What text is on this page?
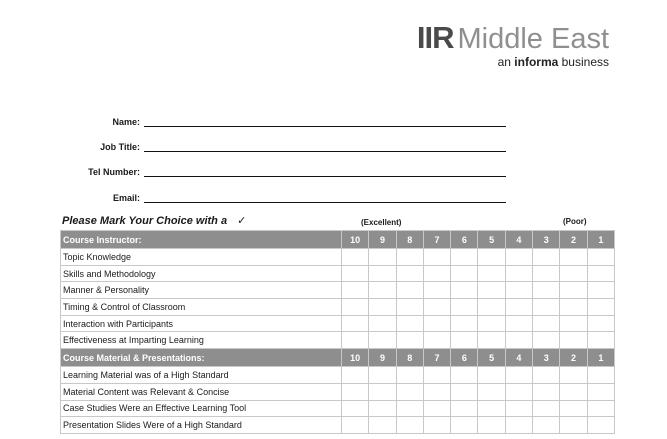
IIR Middle East
an informa business
Name:
Job Title:
Tel Number:
Email:
Please Mark Your Choice with a ✓	(Excellent)	(Poor)
Course Instructor:	10	9	8	7	6	5	4	3	2	1
Topic Knowledge										
Skills and Methodology										
Manner & Personality										
Timing & Control of Classroom										
Interaction with Participants										
Effectiveness at Imparting Learning										
Course Material & Presentations:	10	9	8	7	6	5	4	3	2	1
Learning Material was of a High Standard										
Material Content was Relevant & Concise										
Case Studies Were an Effective Learning Tool										
Presentation Slides Were of a High Standard										
